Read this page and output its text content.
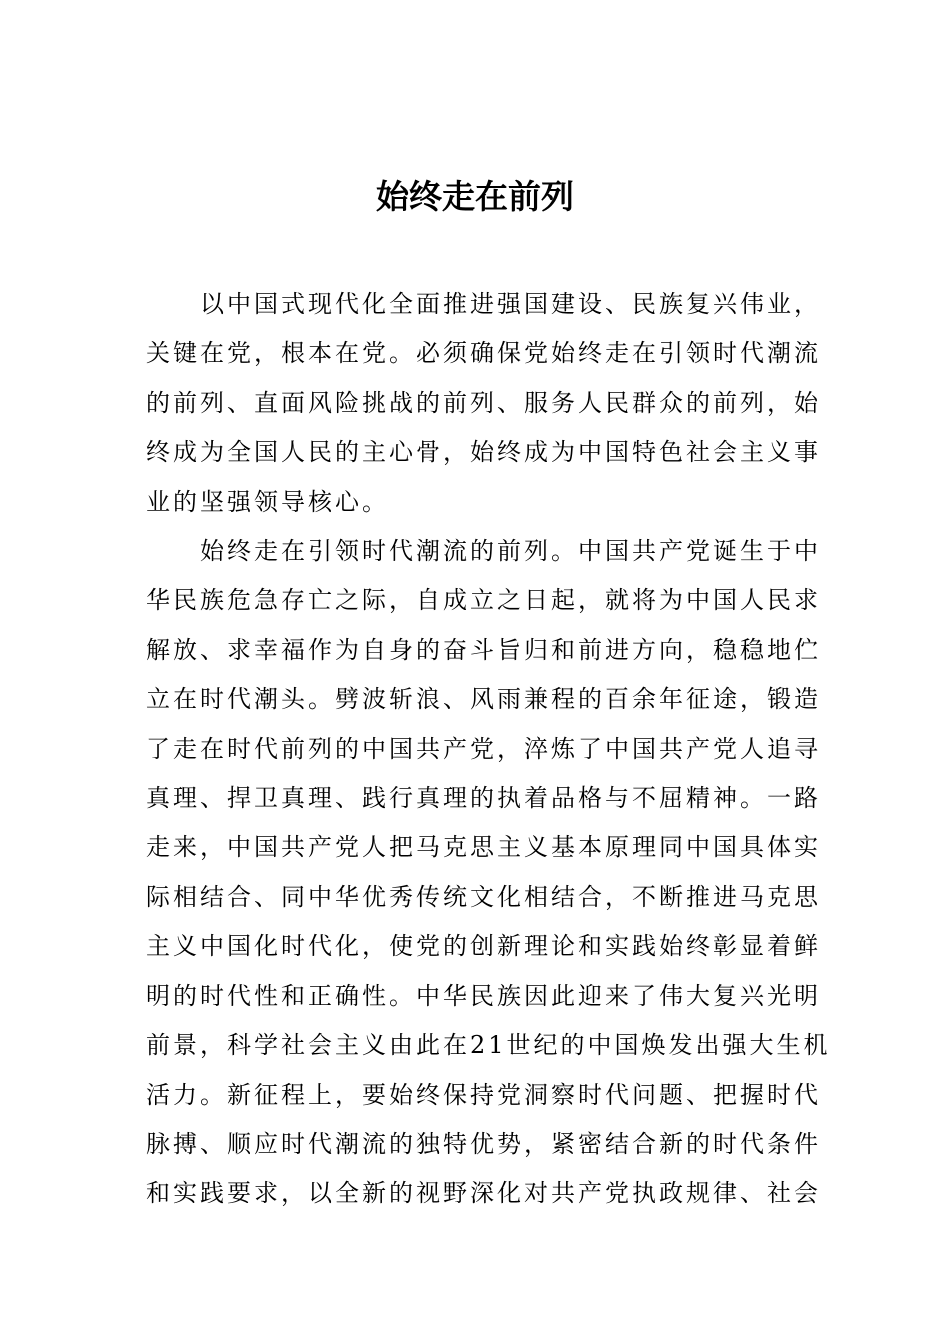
始终走在前列

以中国式现代化全面推进强国建设、民族复兴伟业，
关键在党，根本在党。必须确保党始终走在引领时代潮流
的前列、直面风险挑战的前列、服务人民群众的前列，始
终成为全国人民的主心骨，始终成为中国特色社会主义事
业的坚强领导核心。

始终走在引领时代潮流的前列。中国共产党诞生于中
华民族危急存亡之际，自成立之日起，就将为中国人民求
解放、求幸福作为自身的奋斗旨归和前进方向，稳稳地伫
立在时代潮头。劈波斩浪、风雨兼程的百余年征途，锻造
了走在时代前列的中国共产党，淬炼了中国共产党人追寻
真理、捍卫真理、践行真理的执着品格与不屈精神。一路
走来，中国共产党人把马克思主义基本原理同中国具体实
际相结合、同中华优秀传统文化相结合，不断推进马克思
主义中国化时代化，使党的创新理论和实践始终彰显着鲜
明的时代性和正确性。中华民族因此迎来了伟大复兴光明
前景，科学社会主义由此在21世纪的中国焕发出强大生机
活力。新征程上，要始终保持党洞察时代问题、把握时代
脉搏、顺应时代潮流的独特优势，紧密结合新的时代条件
和实践要求，以全新的视野深化对共产党执政规律、社会
